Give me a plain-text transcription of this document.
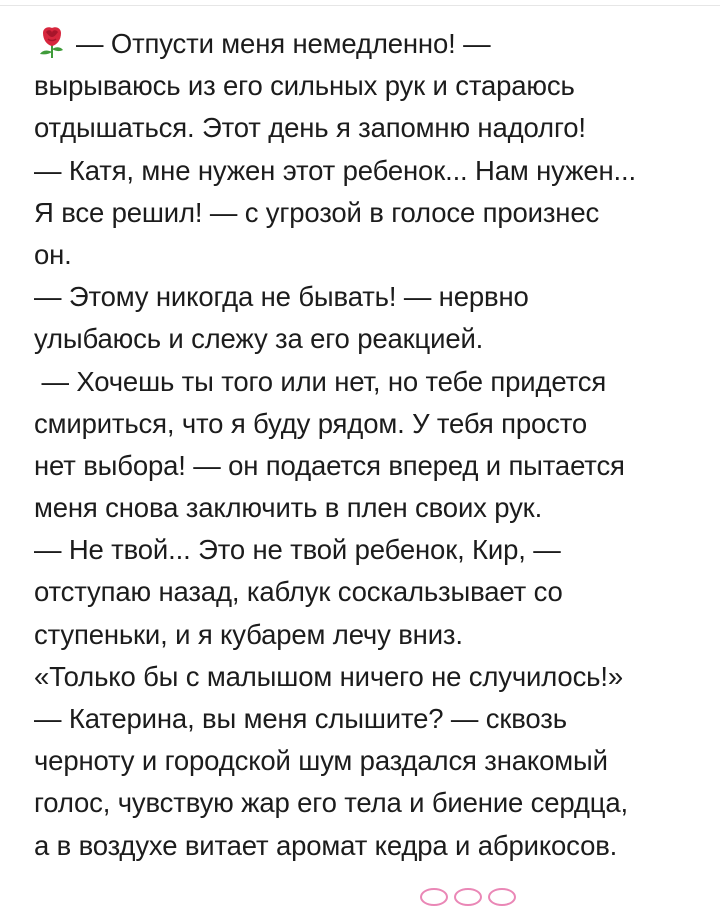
— Отпусти меня немедленно! —
вырываюсь из его сильных рук и стараюсь
отдышаться. Этот день я запомню надолго!
— Катя, мне нужен этот ребенок... Нам нужен...
Я все решил! — с угрозой в голосе произнес
он.
— Этому никогда не бывать! — нервно
улыбаюсь и слежу за его реакцией.
— Хочешь ты того или нет, но тебе придется
смириться, что я буду рядом. У тебя просто
нет выбора! — он подается вперед и пытается
меня снова заключить в плен своих рук.
— Не твой... Это не твой ребенок, Кир, —
отступаю назад, каблук соскальзывает со
ступеньки, и я кубарем лечу вниз.
«Только бы с малышом ничего не случилось!»
— Катерина, вы меня слышите? — сквозь
черноту и городской шум раздался знакомый
голос, чувствую жар его тела и биение сердца,
а в воздухе витает аромат кедра и абрикосов.
